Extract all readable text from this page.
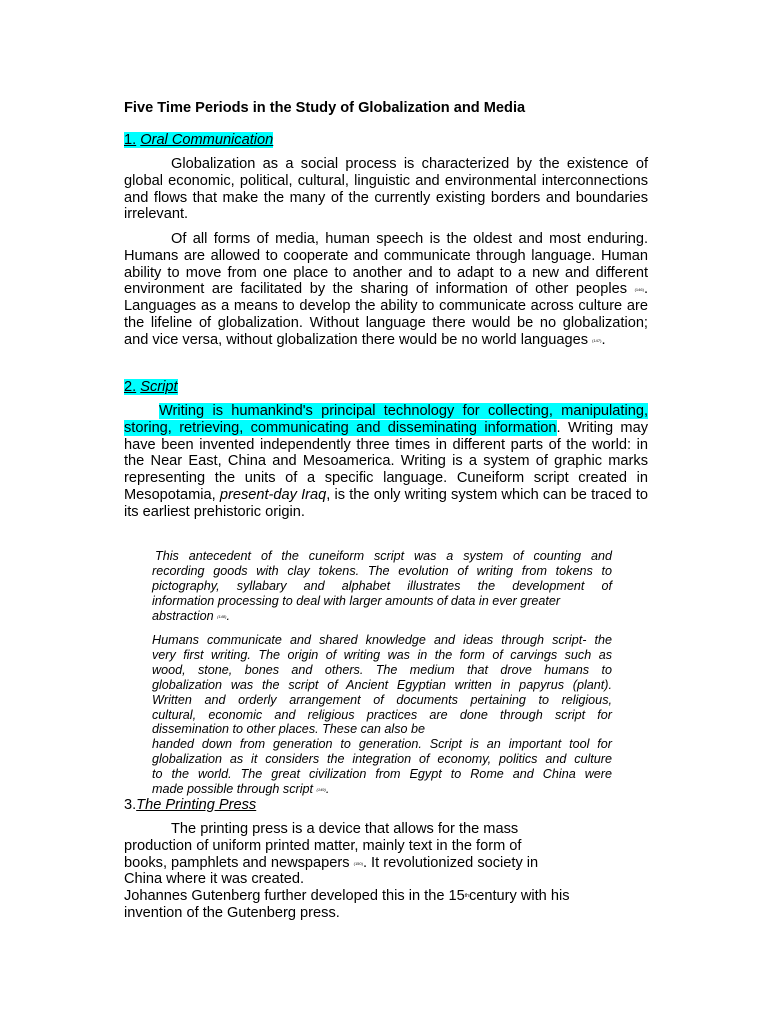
Five Time Periods in the Study of Globalization and Media
1. Oral Communication
Globalization as a social process is characterized by the existence of global economic, political, cultural, linguistic and environmental interconnections and flows that make the many of the currently existing borders and boundaries irrelevant.
Of all forms of media, human speech is the oldest and most enduring. Humans are allowed to cooperate and communicate through language. Human ability to move from one place to another and to adapt to a new and different environment are facilitated by the sharing of information of other peoples $^{(146)}$. Languages as a means to develop the ability to communicate across culture are the lifeline of globalization. Without language there would be no globalization; and vice versa, without globalization there would be no world languages $^{(147)}$.
2. Script
Writing is humankind's principal technology for collecting, manipulating, storing, retrieving, communicating and disseminating information. Writing may have been invented independently three times in different parts of the world: in the Near East, China and Mesoamerica. Writing is a system of graphic marks representing the units of a specific language. Cuneiform script created in Mesopotamia, present-day Iraq, is the only writing system which can be traced to its earliest prehistoric origin.
This antecedent of the cuneiform script was a system of counting and
recording goods with clay tokens. The evolution of writing from tokens to
pictography, syllabary and alphabet illustrates the development of
information processing to deal with larger amounts of data in ever greater
abstraction $^{(148)}$.
Humans communicate and shared knowledge and ideas through script- the
very first writing. The origin of writing was in the form of carvings such as
wood, stone, bones and others. The medium that drove humans to
globalization was the script of Ancient Egyptian written in papyrus (plant).
Written and orderly arrangement of documents pertaining to religious,
cultural, economic and religious practices are done through script for
dissemination to other places. These can also be
handed down from generation to generation. Script is an important tool for
globalization as it considers the integration of economy, politics and culture
to the world. The great civilization from Egypt to Rome and China were
made possible through script $^{(149)}$.
3.The Printing Press
The printing press is a device that allows for the mass
production of uniform printed matter, mainly text in the form of
books, pamphlets and newspapers $^{(150)}$. It revolutionized society in
China where it was created.
Johannes Gutenberg further developed this in the 15thcentury with his
invention of the Gutenberg press.
